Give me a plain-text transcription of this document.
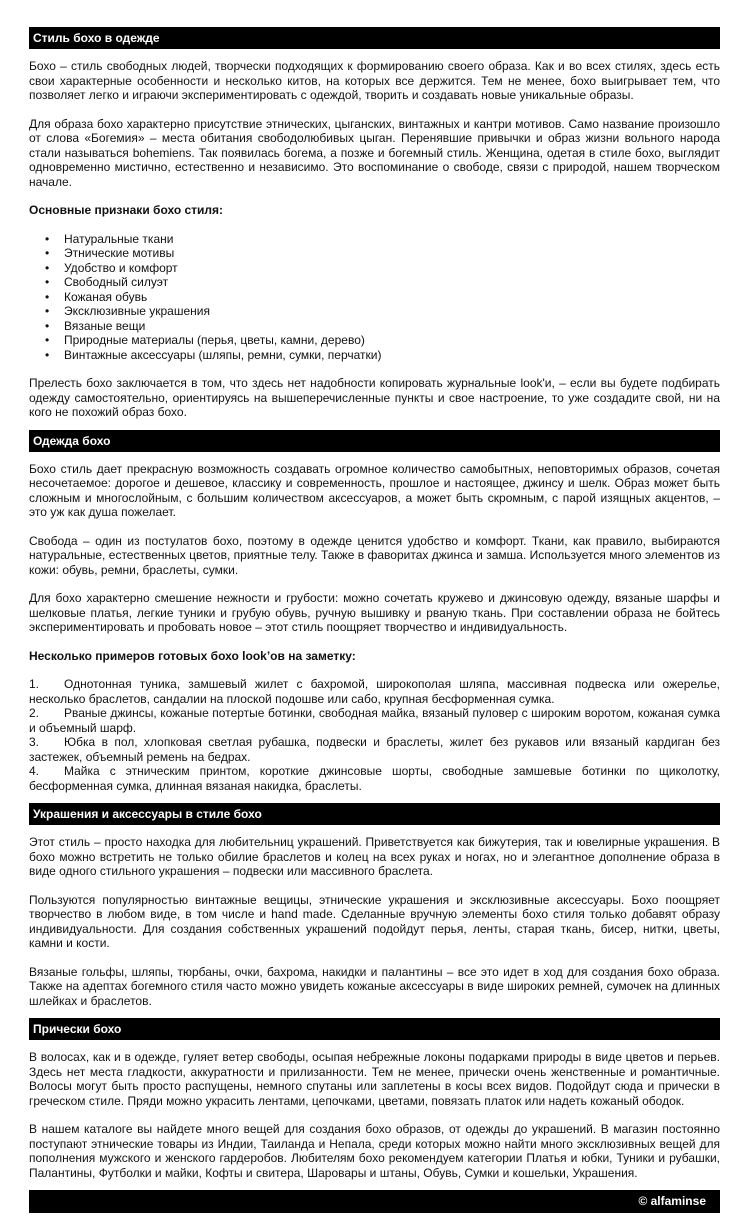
Стиль бохо в одежде

Бохо – стиль свободных людей, творчески подходящих к формированию своего образа. Как и во всех стилях, здесь есть свои характерные особенности и несколько китов, на которых все держится. Тем не менее, бохо выигрывает тем, что позволяет легко и играючи экспериментировать с одеждой, творить и создавать новые уникальные образы.

Для образа бохо характерно присутствие этнических, цыганских, винтажных и кантри мотивов. Само название произошло от слова «Богемия» – места обитания свободолюбивых цыган. Перенявшие привычки и образ жизни вольного народа стали называться bohemiens. Так появилась богема, а позже и богемный стиль. Женщина, одетая в стиле бохо, выглядит одновременно мистично, естественно и независимо. Это воспоминание о свободе, связи с природой, нашем творческом начале.

Основные признаки бохо стиля:
• Натуральные ткани
• Этнические мотивы
• Удобство и комфорт
• Свободный силуэт
• Кожаная обувь
• Эксклюзивные украшения
• Вязаные вещи
• Природные материалы (перья, цветы, камни, дерево)
• Винтажные аксессуары (шляпы, ремни, сумки, перчатки)

Прелесть бохо заключается в том, что здесь нет надобности копировать журнальные look'и, – если вы будете подбирать одежду самостоятельно, ориентируясь на вышеперечисленные пункты и свое настроение, то уже создадите свой, ни на кого не похожий образ бохо.

Одежда бохо

Бохо стиль дает прекрасную возможность создавать огромное количество самобытных, неповторимых образов, сочетая несочетаемое: дорогое и дешевое, классику и современность, прошлое и настоящее, джинсу и шелк. Образ может быть сложным и многослойным, с большим количеством аксессуаров, а может быть скромным, с парой изящных акцентов, – это уж как душа пожелает.

Свобода – один из постулатов бохо, поэтому в одежде ценится удобство и комфорт. Ткани, как правило, выбираются натуральные, естественных цветов, приятные телу. Также в фаворитах джинса и замша. Используется много элементов из кожи: обувь, ремни, браслеты, сумки.

Для бохо характерно смешение нежности и грубости: можно сочетать кружево и джинсовую одежду, вязаные шарфы и шелковые платья, легкие туники и грубую обувь, ручную вышивку и рваную ткань. При составлении образа не бойтесь экспериментировать и пробовать новое – этот стиль поощряет творчество и индивидуальность.

Несколько примеров готовых бохо look’ов на заметку:
1. Однотонная туника, замшевый жилет с бахромой, широкополая шляпа, массивная подвеска или ожерелье, несколько браслетов, сандалии на плоской подошве или сабо, крупная бесформенная сумка.
2. Рваные джинсы, кожаные потертые ботинки, свободная майка, вязаный пуловер с широким воротом, кожаная сумка и объемный шарф.
3. Юбка в пол, хлопковая светлая рубашка, подвески и браслеты, жилет без рукавов или вязаный кардиган без застежек, объемный ремень на бедрах.
4. Майка с этническим принтом, короткие джинсовые шорты, свободные замшевые ботинки по щиколотку, бесформенная сумка, длинная вязаная накидка, браслеты.
Украшения и аксессуары в стиле бохо

Этот стиль – просто находка для любительниц украшений. Приветствуется как бижутерия, так и ювелирные украшения. В бохо можно встретить не только обилие браслетов и колец на всех руках и ногах, но и элегантное дополнение образа в виде одного стильного украшения – подвески или массивного браслета.

Пользуются популярностью винтажные вещицы, этнические украшения и эксклюзивные аксессуары. Бохо поощряет творчество в любом виде, в том числе и hand made. Сделанные вручную элементы бохо стиля только добавят образу индивидуальности. Для создания собственных украшений подойдут перья, ленты, старая ткань, бисер, нитки, цветы, камни и кости.

Вязаные гольфы, шляпы, тюрбаны, очки, бахрома, накидки и палантины – все это идет в ход для создания бохо образа. Также на адептах богемного стиля часто можно увидеть кожаные аксессуары в виде широких ремней, сумочек на длинных шлейках и браслетов.

Прически бохо

В волосах, как и в одежде, гуляет ветер свободы, осыпая небрежные локоны подарками природы в виде цветов и перьев. Здесь нет места гладкости, аккуратности и прилизанности. Тем не менее, прически очень женственные и романтичные. Волосы могут быть просто распущены, немного спутаны или заплетены в косы всех видов. Подойдут сюда и прически в греческом стиле. Пряди можно украсить лентами, цепочками, цветами, повязать платок или надеть кожаный ободок.

В нашем каталоге вы найдете много вещей для создания бохо образов, от одежды до украшений. В магазин постоянно поступают этнические товары из Индии, Таиланда и Непала, среди которых можно найти много эксклюзивных вещей для пополнения мужского и женского гардеробов. Любителям бохо рекомендуем категории Платья и юбки, Туники и рубашки, Палантины, Футболки и майки, Кофты и свитера, Шаровары и штаны, Обувь, Сумки и кошельки, Украшения.

© alfaminse
